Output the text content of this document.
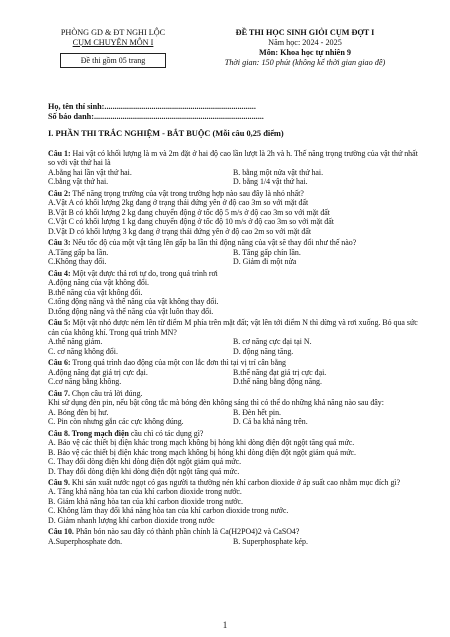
PHÒNG GD & ĐT NGHI LỘC
CỤM CHUYÊN MÔN I
Đề thi gồm 05 trang
ĐỀ THI HỌC SINH GIỎI CỤM ĐỢT I
Năm học: 2024 - 2025
Môn: Khoa học tự nhiên 9
Thời gian: 150 phút (không kể thời gian giao đề)
Họ, tên thí sinh:..........................................................................
Số báo danh:...................................................................................
I. PHẦN THI TRẮC NGHIỆM - BẮT BUỘC (Mỗi câu 0,25 điểm)

Câu 1: Hai vật có khối lượng là m và 2m đặt ở hai độ cao lần lượt là 2h và h. Thế năng trọng trường của vật thứ nhất so với vật thứ hai là

A.bằng hai lần vật thứ hai.	B. bằng một nửa vật thứ hai.
C.bằng vật thứ hai.	D. bằng 1/4 vật thứ hai.

Câu 2: Thế năng trọng trường của vật trong trường hợp nào sau đây là nhỏ nhất?

A.Vật A có khối lượng 2kg đang ở trạng thái đứng yên ở độ cao 3m so với mặt đất

B.Vật B có khối lượng 2 kg đang chuyển động ở tốc độ 5 m/s ở độ cao 3m so với mặt đất

C.Vật C có khối lượng 1 kg đang chuyển động ở tốc độ 10 m/s ở độ cao 3m so với mặt đất

D.Vật D có khối lượng 3 kg đang ở trạng thái đứng yên ở độ cao 2m so với mặt đất

Câu 3: Nếu tốc độ của một vật tăng lên gấp ba lần thì động năng của vật sẽ thay đổi như thế nào?

A.Tăng gấp ba lần.	B. Tăng gấp chín lần.
C.Không thay đổi.	D. Giảm đi một nửa

Câu 4: Một vật được thả rơi tự do, trong quá trình rơi

A.động năng của vật không đổi.

B.thế năng của vật không đổi.

C.tổng động năng và thế năng của vật không thay đổi.

D.tổng động năng và thế năng của vật luôn thay đổi.

Câu 5: Một vật nhỏ được ném lên từ điểm M phía trên mặt đất; vật lên tới điểm N thì dừng và rơi xuống. Bỏ qua sức cản của không khí. Trong quá trình MN?

A.thế năng giảm.	B. cơ năng cực đại tại N.
C. cơ năng không đổi.	D. động năng tăng.

Câu 6: Trong quá trình dao động của một con lắc đơn thì tại vị trí cân bằng

A.động năng đạt giá trị cực đại.	B.thế năng đạt giá trị cực đại.
C.cơ năng bằng không.	D.thế năng bằng động năng.

Câu 7. Chọn câu trả lời đúng.

Khi sử dụng đèn pin, nếu bật công tắc mà bóng đèn không sáng thì có thể do những khả năng nào sau đây:

A. Bóng đèn bị hư.	B. Đèn hết pin.
C. Pin còn nhưng gắn các cực không đúng.	D. Cả ba khả năng trên.

Câu 8. Trong mạch điện cầu chì có tác dụng gì?

A. Bảo vệ các thiết bị điện khác trong mạch không bị hỏng khi dòng điện đột ngột tăng quá mức.

B. Bảo vệ các thiết bị điện khác trong mạch không bị hỏng khi dòng điện đột ngột giảm quá mức.

C. Thay đổi dòng điện khi dòng điện đột ngột giảm quá mức.

D. Thay đổi dòng điện khi dòng điện đột ngột tăng quá mức.

Câu 9. Khi sản xuất nước ngọt có gas người ta thường nén khí carbon dioxide ở áp suất cao nhằm mục đích gì?

A. Tăng khả năng hòa tan của khí carbon dioxide trong nước.

B. Giảm khả năng hòa tan của khí carbon dioxide trong nước.

C. Không làm thay đổi khả năng hòa tan của khí carbon dioxide trong nước.

D. Giảm nhanh lượng khí carbon dioxide trong nước

Câu 10. Phân bón nào sau đây có thành phần chính là Ca(H2PO4)2 và CaSO4?

A.Superphosphate đơn.	B. Superphosphate kép.
1
